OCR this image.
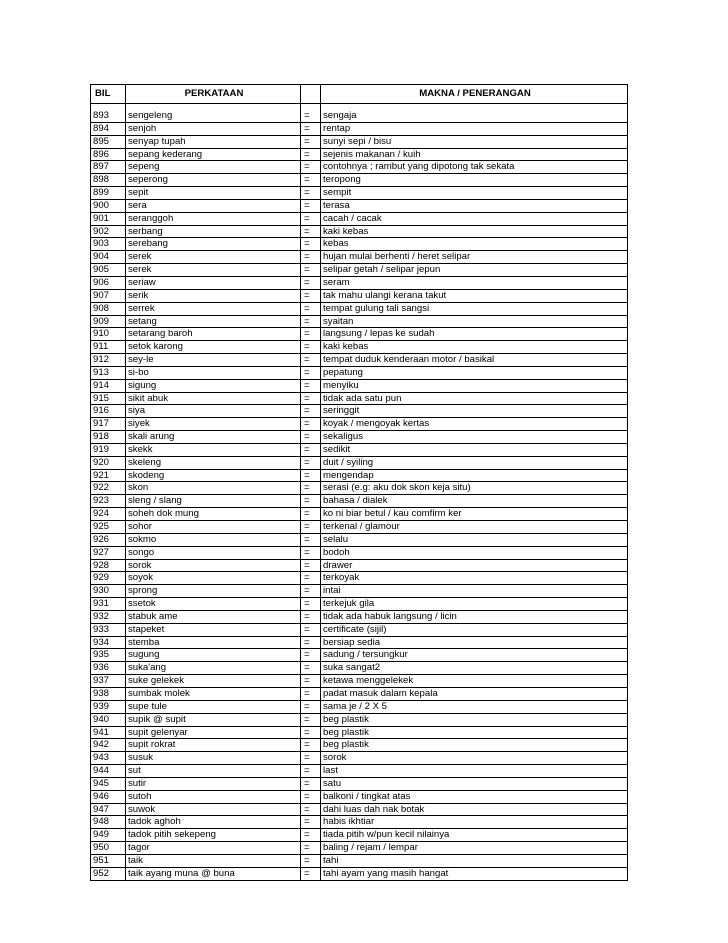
BIL	PERKATAAN		MAKNA / PENERANGAN

893	sengeleng	=	sengaja
894	senjoh	=	rentap
895	senyap tupah	=	sunyi sepi / bisu
896	sepang kederang	=	sejenis makanan / kuih
897	sepeng	=	contohnya ; rambut yang dipotong tak sekata
898	seperong	=	teropong
899	sepit	=	sempit
900	sera	=	terasa
901	seranggoh	=	cacah / cacak
902	serbang	=	kaki kebas
903	serebang	=	kebas
904	serek	=	hujan mulai berhenti / heret selipar
905	serek	=	selipar getah / selipar jepun
906	seriaw	=	seram
907	serik	=	tak mahu ulangi kerana takut
908	serrek	=	tempat gulung tali sangsi
909	setang	=	syaitan
910	setarang baroh	=	langsung / lepas ke sudah
911	setok karong	=	kaki kebas
912	sey-le	=	tempat duduk kenderaan motor / basikal
913	si-bo	=	pepatung
914	sigung	=	menyiku
915	sikit abuk	=	tidak ada satu pun
916	siya	=	seringgit
917	siyek	=	koyak / mengoyak kertas
918	skali arung	=	sekaligus
919	skekk	=	sedikit
920	skeleng	=	duit / syiling
921	skodeng	=	mengendap
922	skon	=	serasi (e.g: aku dok skon keja situ)
923	sleng / slang	=	bahasa / dialek
924	soheh dok mung	=	ko ni biar betul / kau comfirm ker
925	sohor	=	terkenal / glamour
926	sokmo	=	selalu
927	songo	=	bodoh
928	sorok	=	drawer
929	soyok	=	terkoyak
930	sprong	=	intai
931	ssetok	=	terkejuk gila
932	stabuk ame	=	tidak ada habuk langsung / licin
933	stapeket	=	certificate (sijil)
934	stemba	=	bersiap sedia
935	sugung	=	sadung / tersungkur
936	suka'ang	=	suka sangat2
937	suke gelekek	=	ketawa menggelekek
938	sumbak molek	=	padat masuk dalam kepala
939	supe tule	=	sama je / 2 X 5
940	supik @ supit	=	beg plastik
941	supit gelenyar	=	beg plastik
942	supit rokrat	=	beg plastik
943	susuk	=	sorok
944	sut	=	last
945	sutir	=	satu
946	sutoh	=	balkoni / tingkat atas
947	suwok	=	dahi luas dah nak botak
948	tadok aghoh	=	habis ikhtiar
949	tadok pitih sekepeng	=	tiada pitih w/pun kecil nilainya
950	tagor	=	baling / rejam / lempar
951	taik	=	tahi
952	taik ayang muna @ buna	=	tahi ayam yang masih hangat
